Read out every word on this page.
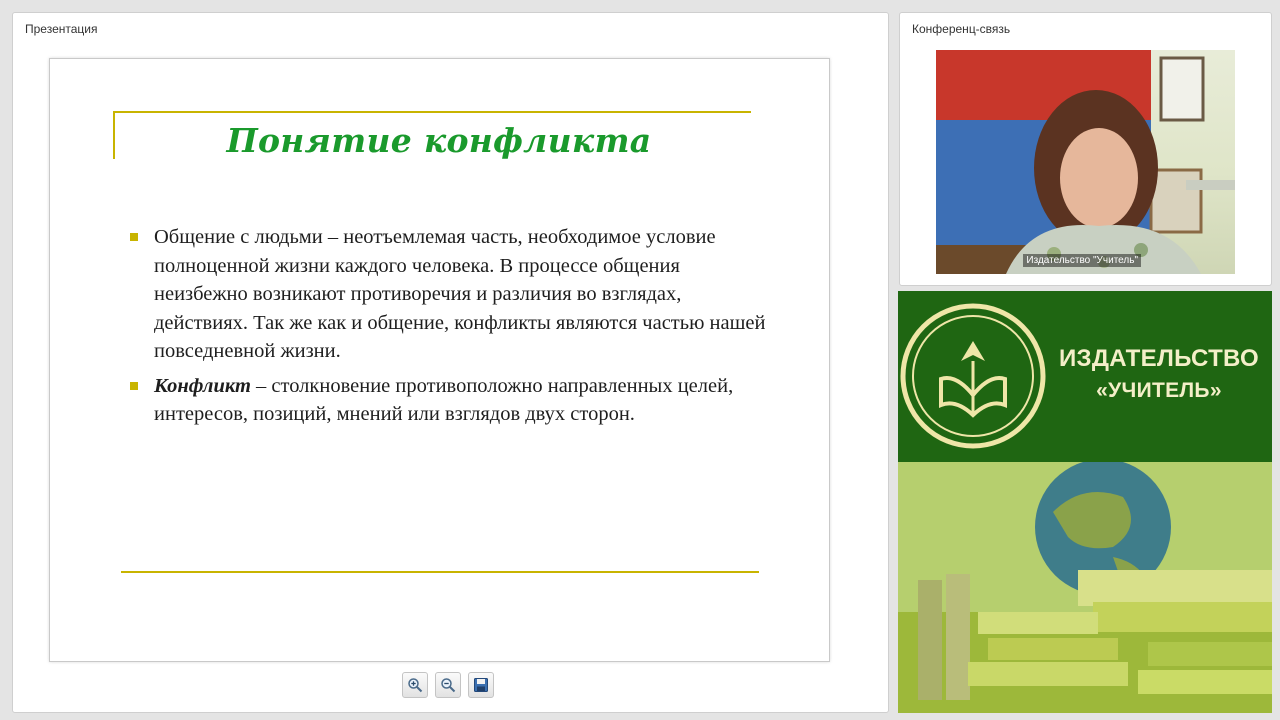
Презентация
Понятие конфликта
Общение с людьми – неотъемлемая часть, необходимое условие полноценной жизни каждого человека. В процессе общения неизбежно возникают противоречия и различия во взглядах, действиях. Так же как и общение, конфликты являются частью нашей повседневной жизни.
Конфликт – столкновение противоположно направленных целей, интересов, позиций, мнений или взглядов двух сторон.
Конференц-связь
Издательство "Учитель"
ИЗДАТЕЛЬСТВО
«УЧИТЕЛЬ»
